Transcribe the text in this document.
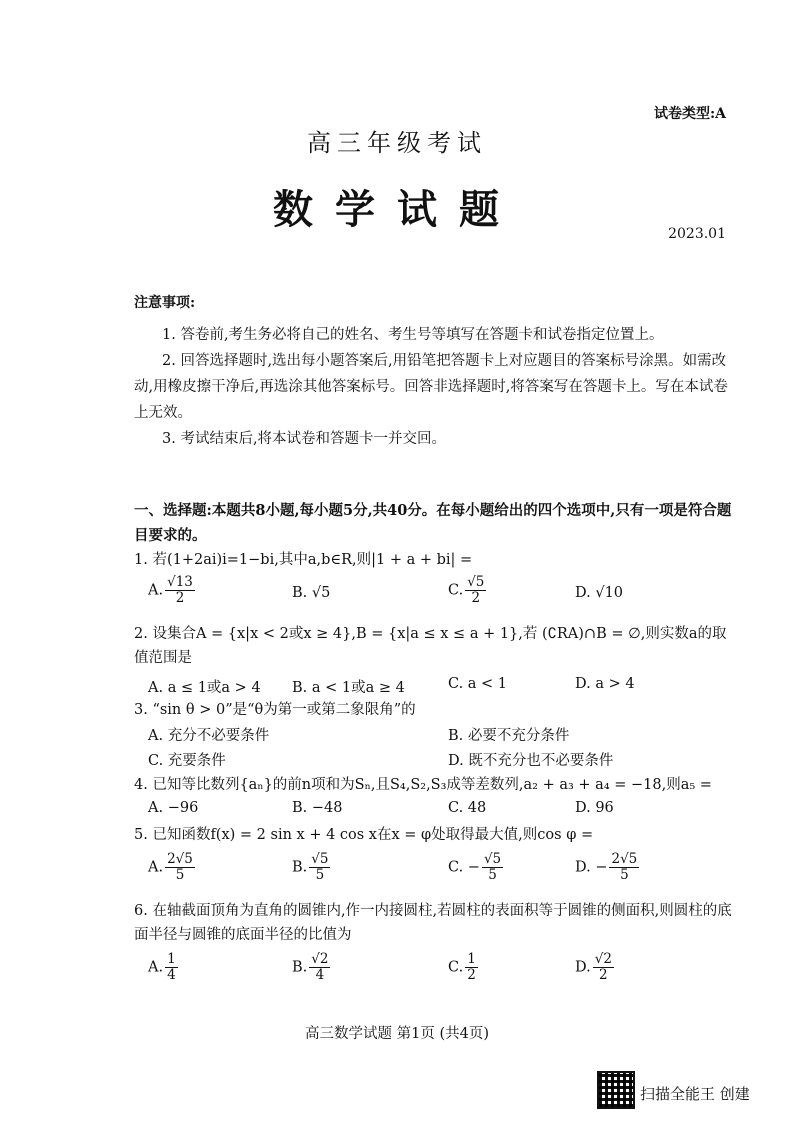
试卷类型:A
高三年级考试
数学试题
2023.01
注意事项:
1. 答卷前,考生务必将自己的姓名、考生号等填写在答题卡和试卷指定位置上。
2. 回答选择题时,选出每小题答案后,用铅笔把答题卡上对应题目的答案标号涂黑。如需改动,用橡皮擦干净后,再选涂其他答案标号。回答非选择题时,将答案写在答题卡上。写在本试卷上无效。
3. 考试结束后,将本试卷和答题卡一并交回。
一、选择题:本题共8小题,每小题5分,共40分。在每小题给出的四个选项中,只有一项是符合题目要求的。
1. 若(1+2ai)i=1−bi,其中a,b∈R,则|1 + a + bi| =
A. $\frac{√13}{2}$	B. √5	C. $\frac{√5}{2}$	D. √10
2. 设集合A = {x|x < 2或x ≥ 4},B = {x|a ≤ x ≤ a + 1},若 (∁RA)∩B = ∅,则实数a的取值范围是
A. a ≤ 1或a > 4 B. a < 1或a ≥ 4	C. a < 1	D. a > 4
3. “sin θ > 0”是“θ为第一或第二象限角”的
A. 充分不必要条件	B. 必要不充分条件
C. 充要条件	D. 既不充分也不必要条件
4. 已知等比数列{aₙ}的前n项和为Sₙ,且S₄,S₂,S₃成等差数列,a₂ + a₃ + a₄ = −18,则a₅ =
A. −96	B. −48	C. 48	D. 96
5. 已知函数f(x) = 2 sin x + 4 cos x在x = φ处取得最大值,则cos φ =
A. $\frac{2√5}{5}$	B. $\frac{√5}{5}$	C. − $\frac{√5}{5}$	D. − $\frac{2√5}{5}$
6. 在轴截面顶角为直角的圆锥内,作一内接圆柱,若圆柱的表面积等于圆锥的侧面积,则圆柱的底面半径与圆锥的底面半径的比值为
A. $\frac{1}{4}$	B. $\frac{√2}{4}$	C. $\frac{1}{2}$	D. $\frac{√2}{2}$
高三数学试题 第1页 (共4页)
扫描全能王 创建
